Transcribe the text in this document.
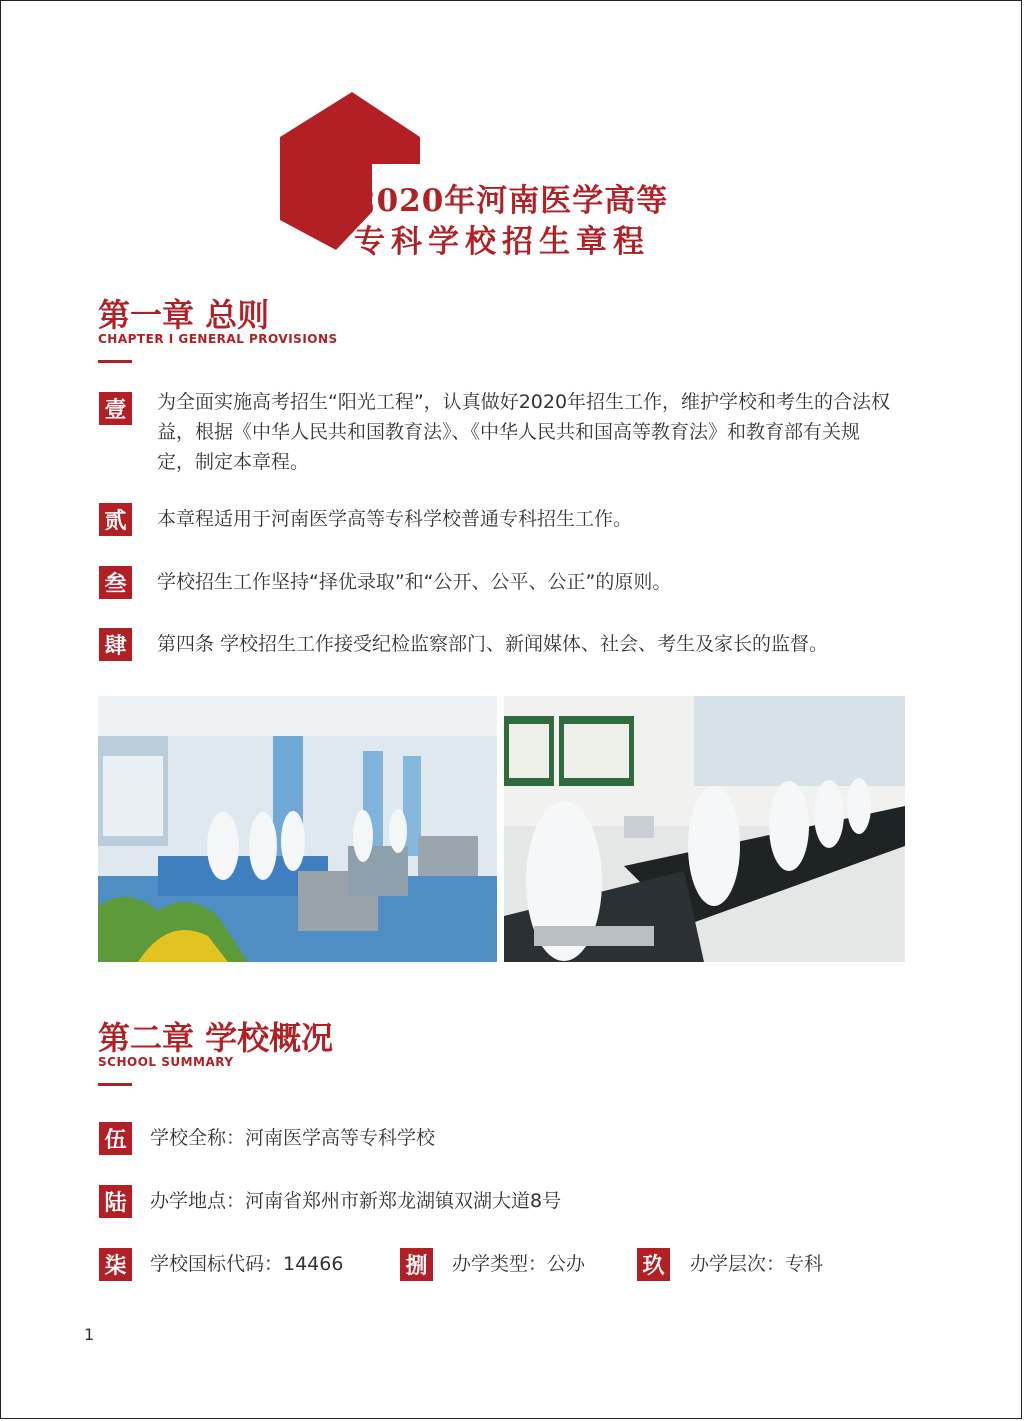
2020年河南医学高等
专科学校招生章程
第一章 总则
CHAPTER I GENERAL PROVISIONS
壹 为全面实施高考招生“阳光工程”，认真做好2020年招生工作，维护学校和考生的合法权益，根据《中华人民共和国教育法》、《中华人民共和国高等教育法》和教育部有关规定，制定本章程。
贰 本章程适用于河南医学高等专科学校普通专科招生工作。
叁 学校招生工作坚持“择优录取”和“公开、公平、公正”的原则。
肆 第四条 学校招生工作接受纪检监察部门、新闻媒体、社会、考生及家长的监督。
第二章 学校概况
SCHOOL SUMMARY
伍 学校全称：河南医学高等专科学校
陆 办学地点：河南省郑州市新郑龙湖镇双湖大道8号
柒 学校国标代码：14466	捌 办学类型：公办	玖 办学层次：专科
1
